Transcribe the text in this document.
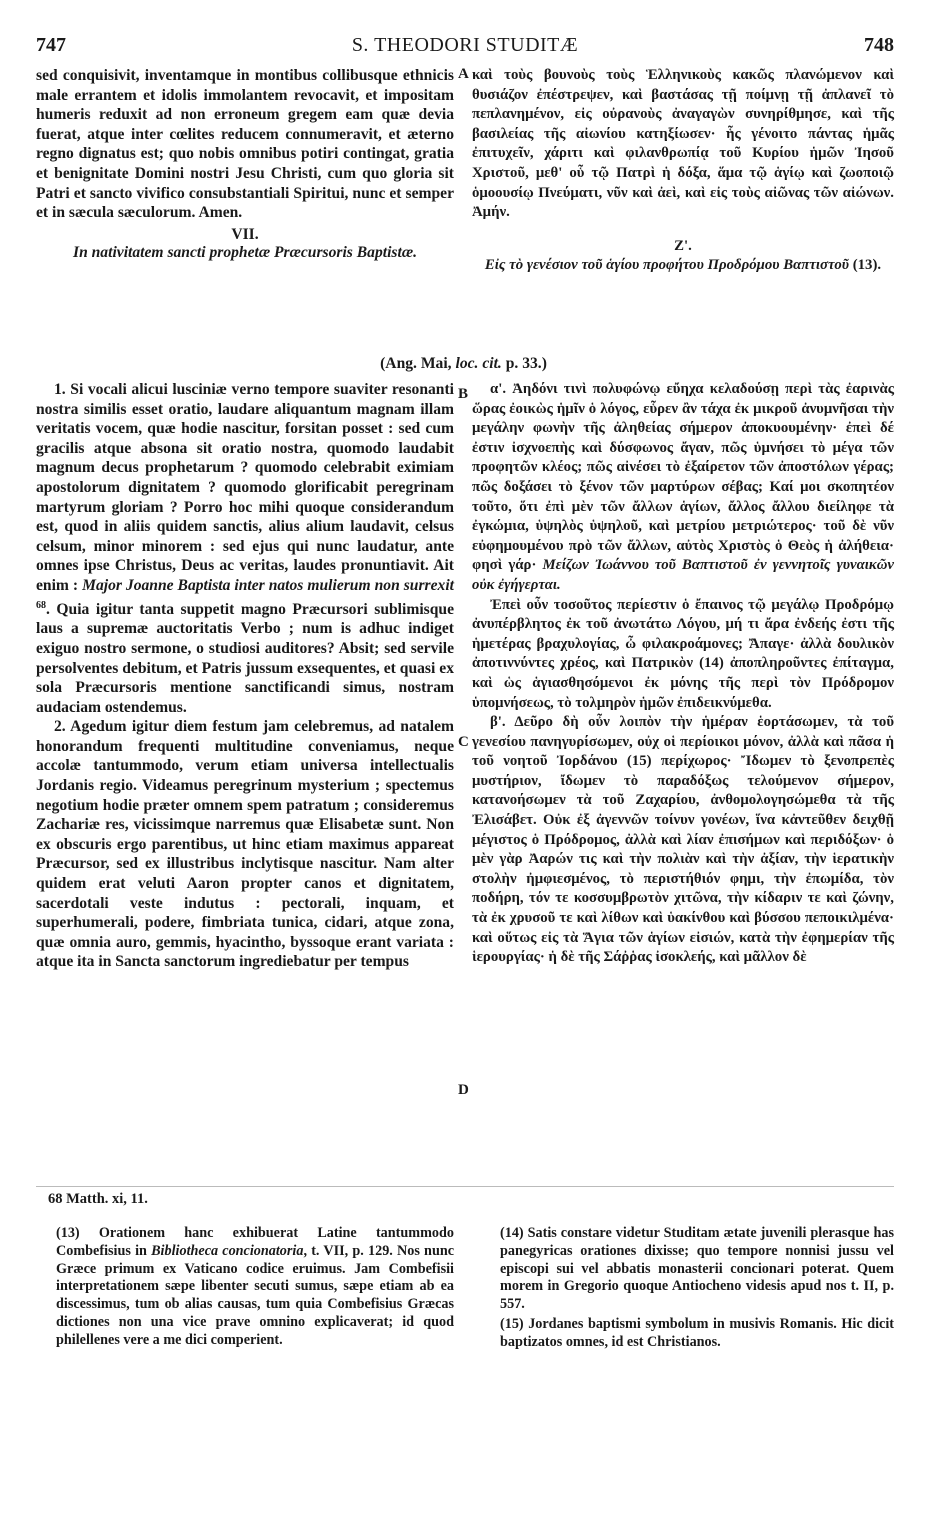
747	S. THEODORI STUDITÆ	748

sed conquisivit, inventamque in montibus collibusque ethnicis male errantem et idolis immolantem revocavit, et impositam humeris reduxit ad non erroneum gregem eam quæ devia fuerat, atque inter cœlites reducem connumeravit, et æterno regno dignatus est; quo nobis omnibus potiri contingat, gratia et benignitate Domini nostri Jesu Christi, cum quo gloria sit Patri et sancto vivifico consubstantiali Spiritui, nunc et semper et in sæcula sæculorum. Amen.

VII.
In nativitatem sancti prophetæ Præcursoris Baptistæ.

1. Si vocali alicui lusciniæ verno tempore suaviter resonanti nostra similis esset oratio, laudare aliquantum magnam illam veritatis vocem, quæ hodie nascitur, forsitan posset : sed cum gracilis atque absona sit oratio nostra, quomodo laudabit magnum decus prophetarum ? quomodo celebrabit eximiam apostolorum dignitatem ? quomodo glorificabit peregrinam martyrum gloriam ? Porro hoc mihi quoque considerandum est, quod in aliis quidem sanctis, alius alium laudavit, celsus celsum, minor minorem : sed ejus qui nunc laudatur, ante omnes ipse Christus, Deus ac veritas, laudes pronuntiavit. Ait enim : Major Joanne Baptista inter natos mulierum non surrexit $^{68}$. Quia igitur tanta suppetit magno Præcursori sublimisque laus a supremæ auctoritatis Verbo ; num is adhuc indiget exiguo nostro sermone, o studiosi auditores? Absit; sed servile persolventes debitum, et Patris jussum exsequentes, et quasi ex sola Præcursoris mentione sanctificandi simus, nostram audaciam ostendemus.

2. Agedum igitur diem festum jam celebremus, ad natalem honorandum frequenti multitudine conveniamus, neque accolæ tantummodo, verum etiam universa intellectualis Jordanis regio. Videamus peregrinum mysterium ; spectemus negotium hodie præter omnem spem patratum ; consideremus Zachariæ res, vicissimque narremus quæ Elisabetæ sunt. Non ex obscuris ergo parentibus, ut hinc etiam maximus appareat Præcursor, sed ex illustribus inclytisque nascitur. Nam alter quidem erat veluti Aaron propter canos et dignitatem, sacerdotali veste indutus : pectorali, inquam, et superhumerali, podere, fimbriata tunica, cidari, atque zona, quæ omnia auro, gemmis, hyacintho, byssoque erant variata : atque ita in Sancta sanctorum ingrediebatur per tempus

καὶ τοὺς βουνοὺς τοὺς Ἑλληνικοὺς κακῶς πλανώμενον καὶ θυσιάζον ἐπέστρεψεν, καὶ βαστάσας τῇ ποίμνῃ τῇ ἀπλανεῖ τὸ πεπλανημένον, εἰς οὐρανοὺς ἀναγαγὼν συνηρίθμησε, καὶ τῆς βασιλείας τῆς αἰωνίου κατηξίωσεν· ἧς γένοιτο πάντας ἡμᾶς ἐπιτυχεῖν, χάριτι καὶ φιλανθρωπίᾳ τοῦ Κυρίου ἡμῶν Ἰησοῦ Χριστοῦ, μεθ' οὗ τῷ Πατρὶ ἡ δόξα, ἅμα τῷ ἁγίῳ καὶ ζωοποιῷ ὁμοουσίῳ Πνεύματι, νῦν καὶ ἀεὶ, καὶ εἰς τοὺς αἰῶνας τῶν αἰώνων. Ἀμήν.

Ζ'.
Εἰς τὸ γενέσιον τοῦ ἁγίου προφήτου Προδρόμου Βαπτιστοῦ (13).

α'. Ἀηδόνι τινὶ πολυφώνῳ εὔηχα κελαδούσῃ περὶ τὰς ἐαρινὰς ὥρας ἐοικὼς ἡμῖν ὁ λόγος, εὗρεν ἂν τάχα ἐκ μικροῦ ἀνυμνῆσαι τὴν μεγάλην φωνὴν τῆς ἀληθείας σήμερον ἀποκυουμένην· ἐπεὶ δέ ἐστιν ἰσχνοεπὴς καὶ δύσφωνος ἄγαν, πῶς ὑμνήσει τὸ μέγα τῶν προφητῶν κλέος; πῶς αἰνέσει τὸ ἐξαίρετον τῶν ἀποστόλων γέρας; πῶς δοξάσει τὸ ξένον τῶν μαρτύρων σέβας; Καί μοι σκοπητέον τοῦτο, ὅτι ἐπὶ μὲν τῶν ἄλλων ἁγίων, ἄλλος ἄλλου διείληφε τὰ ἐγκώμια, ὑψηλὸς ὑψηλοῦ, καὶ μετρίου μετριώτερος· τοῦ δὲ νῦν εὐφημουμένου πρὸ τῶν ἄλλων, αὐτὸς Χριστὸς ὁ Θεὸς ἡ ἀλήθεια· φησὶ γάρ· Μείζων Ἰωάννου τοῦ Βαπτιστοῦ ἐν γεννητοῖς γυναικῶν οὐκ ἐγήγερται.

Ἐπεὶ οὖν τοσοῦτος περίεστιν ὁ ἔπαινος τῷ μεγάλῳ Προδρόμῳ ἀνυπέρβλητος ἐκ τοῦ ἀνωτάτω Λόγου, μή τι ἄρα ἐνδεής ἐστι τῆς ἡμετέρας βραχυλογίας, ὦ φιλακροάμονες; Ἄπαγε· ἀλλὰ δουλικὸν ἀποτιννύντες χρέος, καὶ Πατρικὸν (14) ἀποπληροῦντες ἐπίταγμα, καὶ ὡς ἁγιασθησόμενοι ἐκ μόνης τῆς περὶ τὸν Πρόδρομον ὑπομνήσεως, τὸ τολμηρὸν ἡμῶν ἐπιδεικνύμεθα.

β'. Δεῦρο δὴ οὖν λοιπὸν τὴν ἡμέραν ἑορτάσωμεν, τὰ τοῦ γενεσίου πανηγυρίσωμεν, οὐχ οἱ περίοικοι μόνον, ἀλλὰ καὶ πᾶσα ἡ τοῦ νοητοῦ Ἰορδάνου (15) περίχωρος· Ἴδωμεν τὸ ξενοπρεπὲς μυστήριον, ἴδωμεν τὸ παραδόξως τελούμενον σήμερον, κατανοήσωμεν τὰ τοῦ Ζαχαρίου, ἀνθομολογησώμεθα τὰ τῆς Ἐλισάβετ. Οὐκ ἐξ ἀγεννῶν τοίνυν γονέων, ἵνα κἀντεῦθεν δειχθῇ μέγιστος ὁ Πρόδρομος, ἀλλὰ καὶ λίαν ἐπισήμων καὶ περιδόξων· ὁ μὲν γὰρ Ἀαρών τις καὶ τὴν πολιὰν καὶ τὴν ἀξίαν, τὴν ἱερατικὴν στολὴν ἠμφιεσμένος, τὸ περιστήθιόν φημι, τὴν ἐπωμίδα, τὸν ποδήρη, τόν τε κοσσυμβρωτὸν χιτῶνα, τὴν κίδαριν τε καὶ ζώνην, τὰ ἐκ χρυσοῦ τε καὶ λίθων καὶ ὑακίνθου καὶ βύσσου πεποικιλμένα· καὶ οὕτως εἰς τὰ Ἅγια τῶν ἁγίων εἰσιών, κατὰ τὴν ἐφημερίαν τῆς ἱερουργίας· ἡ δὲ τῆς Σάῤῥας ἰσοκλεής, καὶ μᾶλλον δὲ

(Ang. Mai, loc. cit. p. 33.)
A
B
C
D
68 Matth. xi, 11.

(13) Orationem hanc exhibuerat Latine tantummodo Combefisius in Bibliotheca concionatoria, t. VII, p. 129. Nos nunc Græce primum ex Vaticano codice eruimus. Jam Combefisii interpretationem sæpe libenter secuti sumus, sæpe etiam ab ea discessimus, tum ob alias causas, tum quia Combefisius Græcas dictiones non una vice prave omnino explicaverat; id quod philellenes vere a me dici comperient.

(14) Satis constare videtur Studitam ætate juvenili plerasque has panegyricas orationes dixisse; quo tempore nonnisi jussu vel episcopi sui vel abbatis monasterii concionari poterat. Quem morem in Gregorio quoque Antiocheno videsis apud nos t. II, p. 557.

(15) Jordanes baptismi symbolum in musivis Romanis. Hic dicit baptizatos omnes, id est Christianos.
